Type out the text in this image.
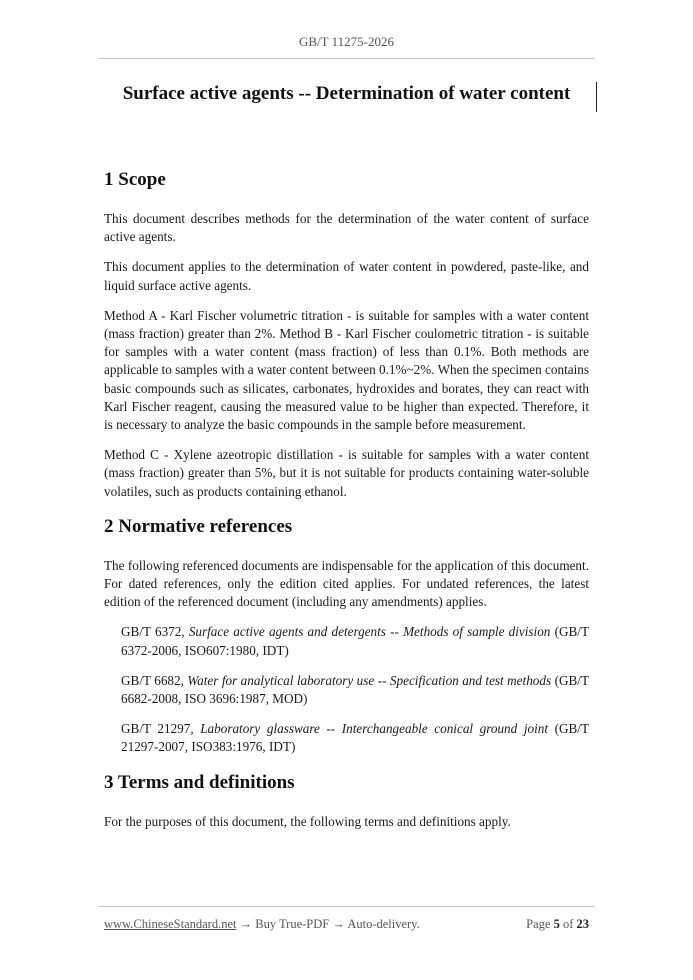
GB/T 11275-2026
Surface active agents -- Determination of water content
1 Scope

This document describes methods for the determination of the water content of surface active agents.

This document applies to the determination of water content in powdered, paste-like, and liquid surface active agents.

Method A - Karl Fischer volumetric titration - is suitable for samples with a water content (mass fraction) greater than 2%. Method B - Karl Fischer coulometric titration - is suitable for samples with a water content (mass fraction) of less than 0.1%. Both methods are applicable to samples with a water content between 0.1%~2%. When the specimen contains basic compounds such as silicates, carbonates, hydroxides and borates, they can react with Karl Fischer reagent, causing the measured value to be higher than expected. Therefore, it is necessary to analyze the basic compounds in the sample before measurement.

Method C - Xylene azeotropic distillation - is suitable for samples with a water content (mass fraction) greater than 5%, but it is not suitable for products containing water-soluble volatiles, such as products containing ethanol.

2 Normative references

The following referenced documents are indispensable for the application of this document. For dated references, only the edition cited applies. For undated references, the latest edition of the referenced document (including any amendments) applies.

GB/T 6372, Surface active agents and detergents -- Methods of sample division (GB/T 6372-2006, ISO607:1980, IDT)

GB/T 6682, Water for analytical laboratory use -- Specification and test methods (GB/T 6682-2008, ISO 3696:1987, MOD)

GB/T 21297, Laboratory glassware -- Interchangeable conical ground joint (GB/T 21297-2007, ISO383:1976, IDT)

3 Terms and definitions

For the purposes of this document, the following terms and definitions apply.

www.ChineseStandard.net → Buy True-PDF → Auto-delivery.	Page 5 of 23
